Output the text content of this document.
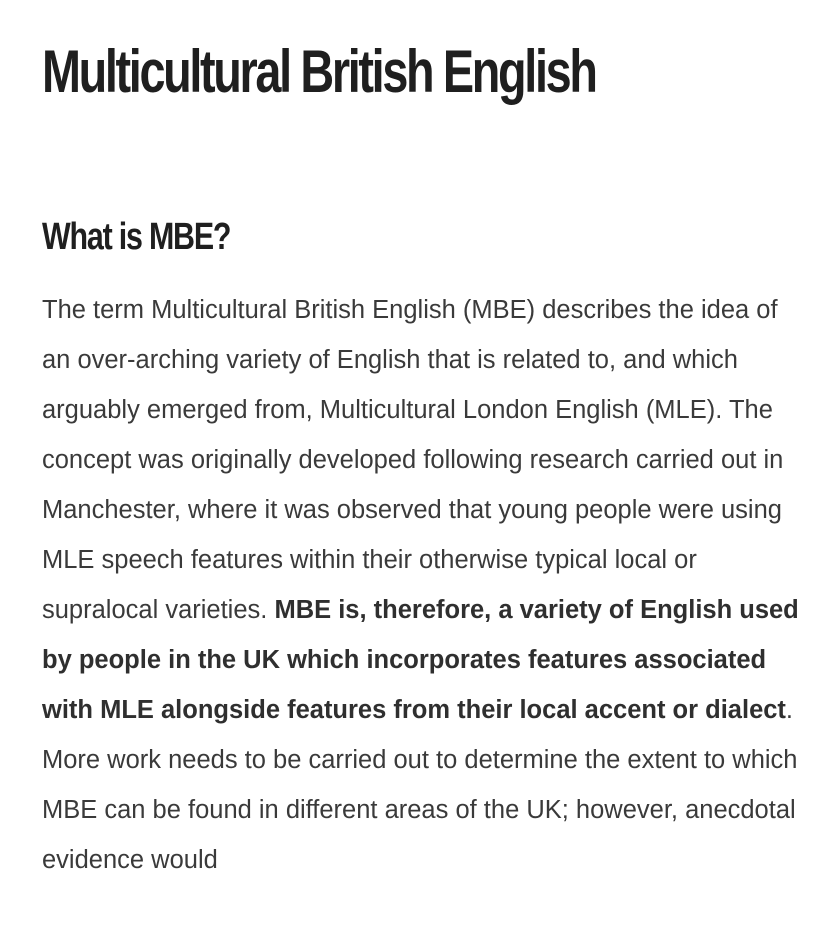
Multicultural British English
What is MBE?

The term Multicultural British English (MBE) describes the idea of an over-arching variety of English that is related to, and which arguably emerged from, Multicultural London English (MLE). The concept was originally developed following research carried out in Manchester, where it was observed that young people were using MLE speech features within their otherwise typical local or supralocal varieties. MBE is, therefore, a variety of English used by people in the UK which incorporates features associated with MLE alongside features from their local accent or dialect. More work needs to be carried out to determine the extent to which MBE can be found in different areas of the UK; however, anecdotal evidence would
